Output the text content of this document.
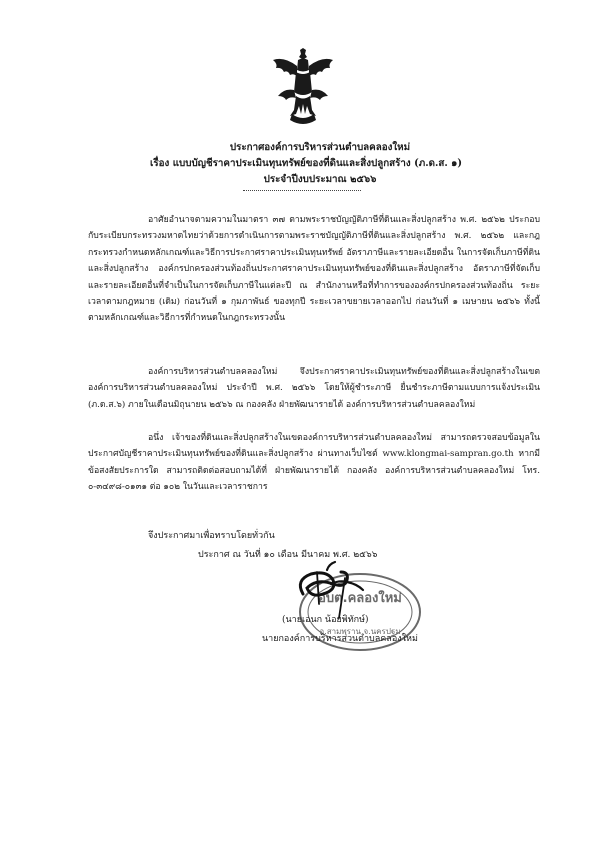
ประกาศองค์การบริหารส่วนตำบลคลองใหม่
เรื่อง แบบบัญชีราคาประเมินทุนทรัพย์ของที่ดินและสิ่งปลูกสร้าง (ภ.ด.ส. ๑)
ประจำปีงบประมาณ ๒๕๖๖

อาศัยอำนาจตามความในมาตรา ๓๗ ตามพระราชบัญญัติภาษีที่ดินและสิ่งปลูกสร้าง พ.ศ. ๒๕๖๒ ประกอบกับระเบียบกระทรวงมหาดไทยว่าด้วยการดำเนินการตามพระราชบัญญัติภาษีที่ดินและสิ่งปลูกสร้าง พ.ศ. ๒๕๖๒ และกฎกระทรวงกำหนดหลักเกณฑ์และวิธีการประกาศราคาประเมินทุนทรัพย์ อัตราภาษีและรายละเอียดอื่น ในการจัดเก็บภาษีที่ดินและสิ่งปลูกสร้าง องค์กรปกครองส่วนท้องถิ่นประกาศราคาประเมินทุนทรัพย์ของที่ดินและสิ่งปลูกสร้าง อัตราภาษีที่จัดเก็บ และรายละเอียดอื่นที่จำเป็นในการจัดเก็บภาษีในแต่ละปี ณ สำนักงานหรือที่ทำการขององค์กรปกครองส่วนท้องถิ่น ระยะเวลาตามกฎหมาย (เดิม) ก่อนวันที่ ๑ กุมภาพันธ์ ของทุกปี ระยะเวลาขยายเวลาออกไป ก่อนวันที่ ๑ เมษายน ๒๕๖๖ ทั้งนี้ตามหลักเกณฑ์และวิธีการที่กำหนดในกฎกระทรวงนั้น

องค์การบริหารส่วนตำบลคลองใหม่ จึงประกาศราคาประเมินทุนทรัพย์ของที่ดินและสิ่งปลูกสร้างในเขต องค์การบริหารส่วนตำบลคลองใหม่ ประจำปี พ.ศ. ๒๕๖๖ โดยให้ผู้ชำระภาษี ยื่นชำระภาษีตามแบบการแจ้งประเมิน (ภ.ด.ส.๖) ภายในเดือนมิถุนายน ๒๕๖๖ ณ กองคลัง ฝ่ายพัฒนารายได้ องค์การบริหารส่วนตำบลคลองใหม่

อนึ่ง เจ้าของที่ดินและสิ่งปลูกสร้างในเขตองค์การบริหารส่วนตำบลคลองใหม่ สามารถตรวจสอบข้อมูลในประกาศบัญชีราคาประเมินทุนทรัพย์ของที่ดินและสิ่งปลูกสร้าง ผ่านทางเว็บไซต์ www.klongmai-sampran.go.th หากมีข้อสงสัยประการใด สามารถติดต่อสอบถามได้ที่ ฝ่ายพัฒนารายได้ กองคลัง องค์การบริหารส่วนตำบลคลองใหม่ โทร. ๐-๓๔๙๘-๐๑๓๑ ต่อ ๑๐๒ ในวันและเวลาราชการ

จึงประกาศมาเพื่อทราบโดยทั่วกัน
ประกาศ ณ วันที่ ๑๐ เดือน มีนาคม พ.ศ. ๒๕๖๖
อบต.คลองใหม่
อ.สามพราน จ.นครปฐม
(นายเอนก น้อยพิทักษ์)
นายกองค์การบริหารส่วนตำบลคลองใหม่
